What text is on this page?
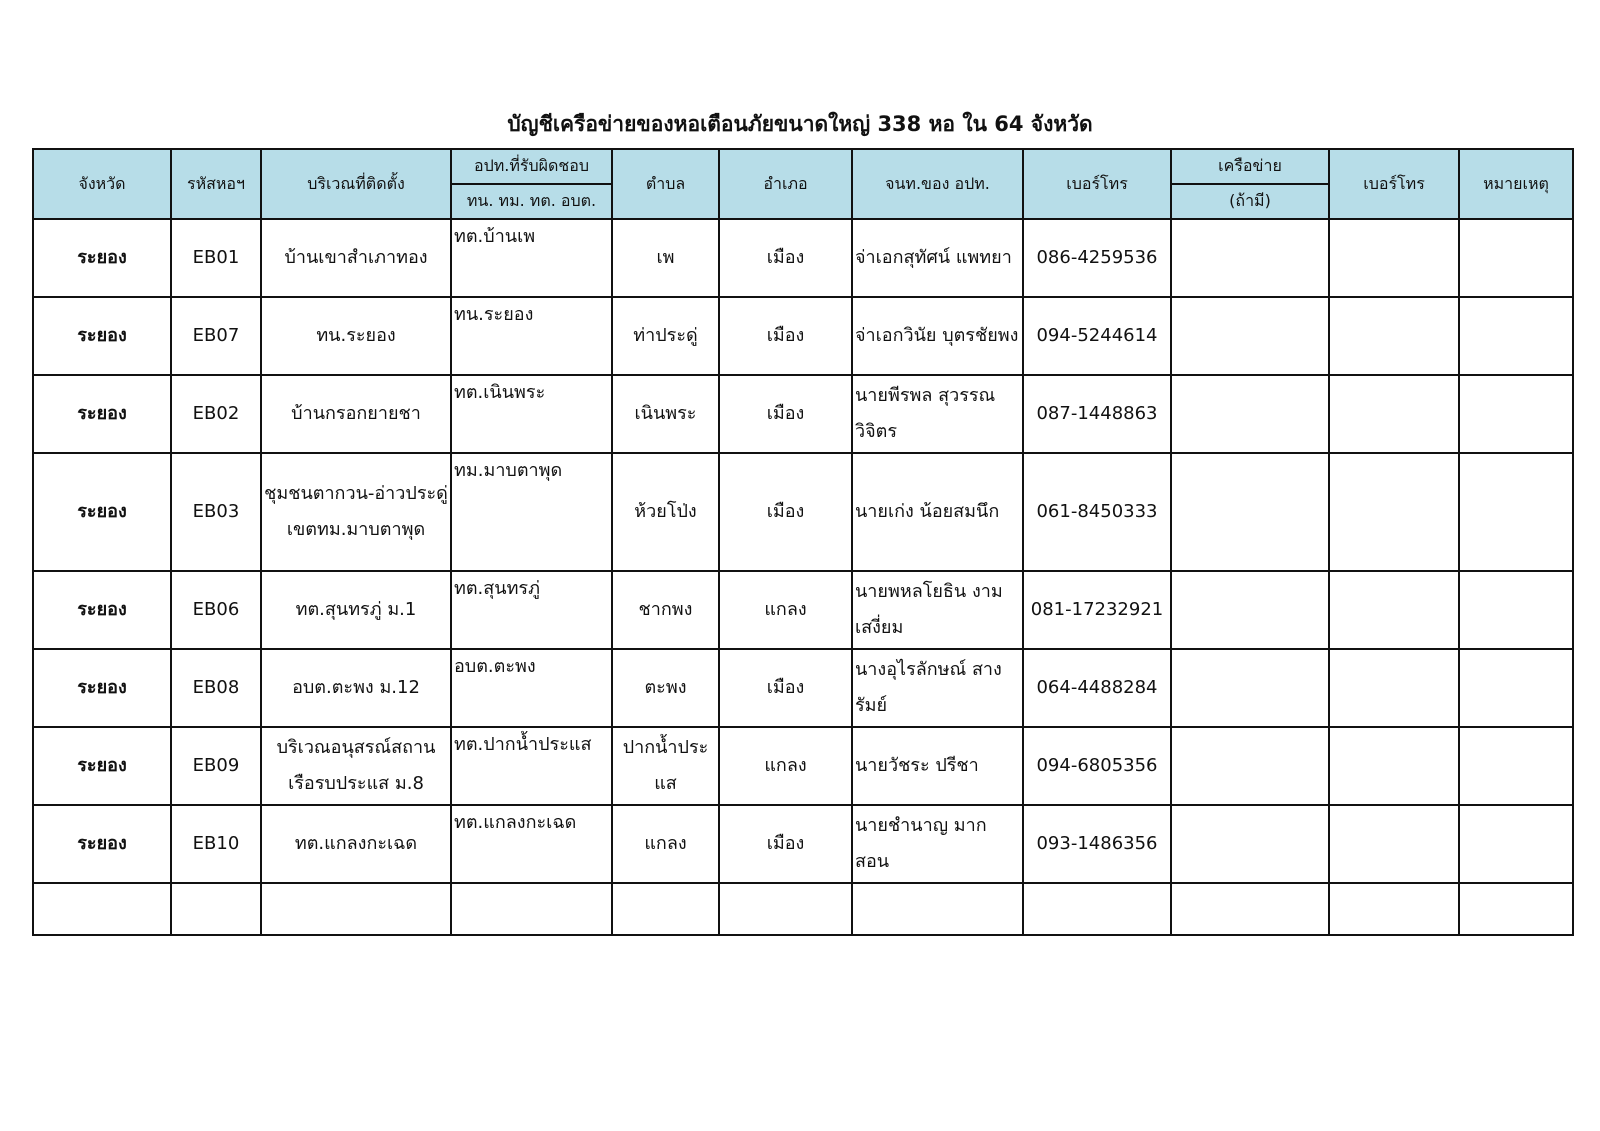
บัญชีเครือข่ายของหอเตือนภัยขนาดใหญ่ 338 หอ ใน 64 จังหวัด
จังหวัด	รหัสหอฯ	บริเวณที่ติดตั้ง	อปท.ที่รับผิดชอบ	ตำบล	อำเภอ	จนท.ของ อปท.	เบอร์โทร	เครือข่าย	เบอร์โทร	หมายเหตุ
			ทน. ทม. ทต. อบต.					(ถ้ามี)		
ระยอง	EB01	บ้านเขาสำเภาทอง	ทต.บ้านเพ	เพ	เมือง	จ่าเอกสุทัศน์ แพทยา	086-4259536			
ระยอง	EB07	ทน.ระยอง	ทน.ระยอง	ท่าประดู่	เมือง	จ่าเอกวินัย บุตรชัยพง	094-5244614			
ระยอง	EB02	บ้านกรอกยายชา	ทต.เนินพระ	เนินพระ	เมือง	นายพีรพล สุวรรณวิจิตร	087-1448863			
ระยอง	EB03	ชุมชนตากวน-อ่าวประดู่ เขตทม.มาบตาพุด	ทม.มาบตาพุด	ห้วยโป่ง	เมือง	นายเก่ง น้อยสมนึก	061-8450333			
ระยอง	EB06	ทต.สุนทรภู่ ม.1	ทต.สุนทรภู่	ชากพง	แกลง	นายพหลโยธิน งามเสงี่ยม	081-17232921			
ระยอง	EB08	อบต.ตะพง ม.12	อบต.ตะพง	ตะพง	เมือง	นางอุไรลักษณ์ สางรัมย์	064-4488284			
ระยอง	EB09	บริเวณอนุสรณ์สถานเรือรบประแส ม.8	ทต.ปากน้ำประแส	ปากน้ำประแส	แกลง	นายวัชระ ปรีชา	094-6805356			
ระยอง	EB10	ทต.แกลงกะเฉด	ทต.แกลงกะเฉด	แกลง	เมือง	นายชำนาญ มากสอน	093-1486356			
